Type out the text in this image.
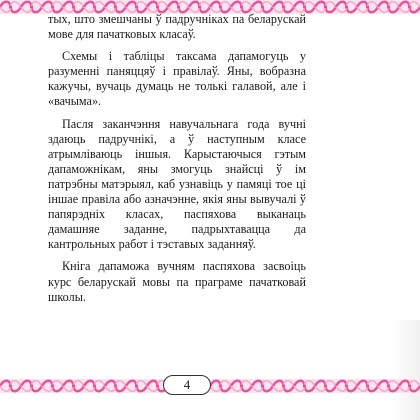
тых, што змешчаны ў падручніках па беларускай мове для пачатковых класаў.

Схемы і табліцы таксама дапамогуць у разуменні паняццяў і правілаў. Яны, вобразна кажучы, вучаць думаць не толькі галавой, але і «вачыма».

Пасля заканчэння навучальнага года вучні здаюць падручнікі, а ў наступным класе атрымліваюць іншыя. Карыстаючыся гэтым дапаможнікам, яны змогуць знайсці ў ім патрэбны матэрыял, каб узнавіць у памяці тое ці іншае правіла або азначэнне, якія яны вывучалі ў папярэдніх класах, паспяхова выканаць дамашняе заданне, падрыхтавацца да кантрольных работ і тэставых заданняў.

Кніга дапаможа вучням паспяхова засвоіць курс беларускай мовы па праграме пачатковай школы.

4
